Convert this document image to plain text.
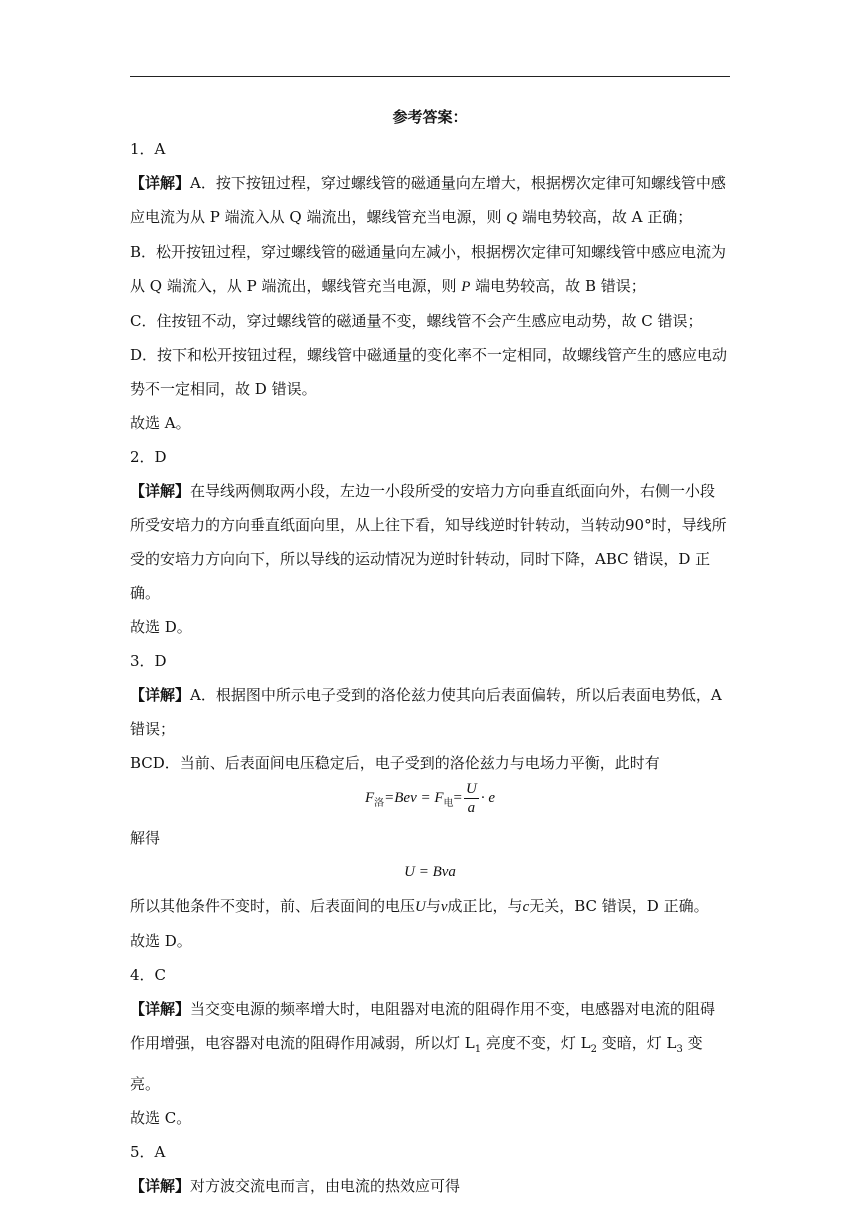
参考答案：
1．A
【详解】A．按下按钮过程，穿过螺线管的磁通量向左增大，根据楞次定律可知螺线管中感应电流为从 P 端流入从 Q 端流出，螺线管充当电源，则 Q 端电势较高，故 A 正确；
B．松开按钮过程，穿过螺线管的磁通量向左减小，根据楞次定律可知螺线管中感应电流为从 Q 端流入，从 P 端流出，螺线管充当电源，则 P 端电势较高，故 B 错误；
C．住按钮不动，穿过螺线管的磁通量不变，螺线管不会产生感应电动势，故 C 错误；
D．按下和松开按钮过程，螺线管中磁通量的变化率不一定相同，故螺线管产生的感应电动势不一定相同，故 D 错误。
故选 A。
2．D
【详解】在导线两侧取两小段，左边一小段所受的安培力方向垂直纸面向外，右侧一小段所受安培力的方向垂直纸面向里，从上往下看，知导线逆时针转动，当转动90°时，导线所受的安培力方向向下，所以导线的运动情况为逆时针转动，同时下降，ABC 错误，D 正确。
故选 D。
3．D
【详解】A．根据图中所示电子受到的洛伦兹力使其向后表面偏转，所以后表面电势低，A 错误；
BCD．当前、后表面间电压稳定后，电子受到的洛伦兹力与电场力平衡，此时有
$F_洛=Bev = F_电= \frac{U}{a} \cdot e$
解得
U = Bva
所以其他条件不变时，前、后表面间的电压U与v成正比，与c无关，BC 错误，D 正确。
故选 D。
4．C
【详解】当交变电源的频率增大时，电阻器对电流的阻碍作用不变，电感器对电流的阻碍作用增强，电容器对电流的阻碍作用减弱，所以灯 $L_1$ 亮度不变，灯 $L_2$ 变暗，灯 $L_3$ 变亮。
故选 C。
5．A
【详解】对方波交流电而言，由电流的热效应可得
